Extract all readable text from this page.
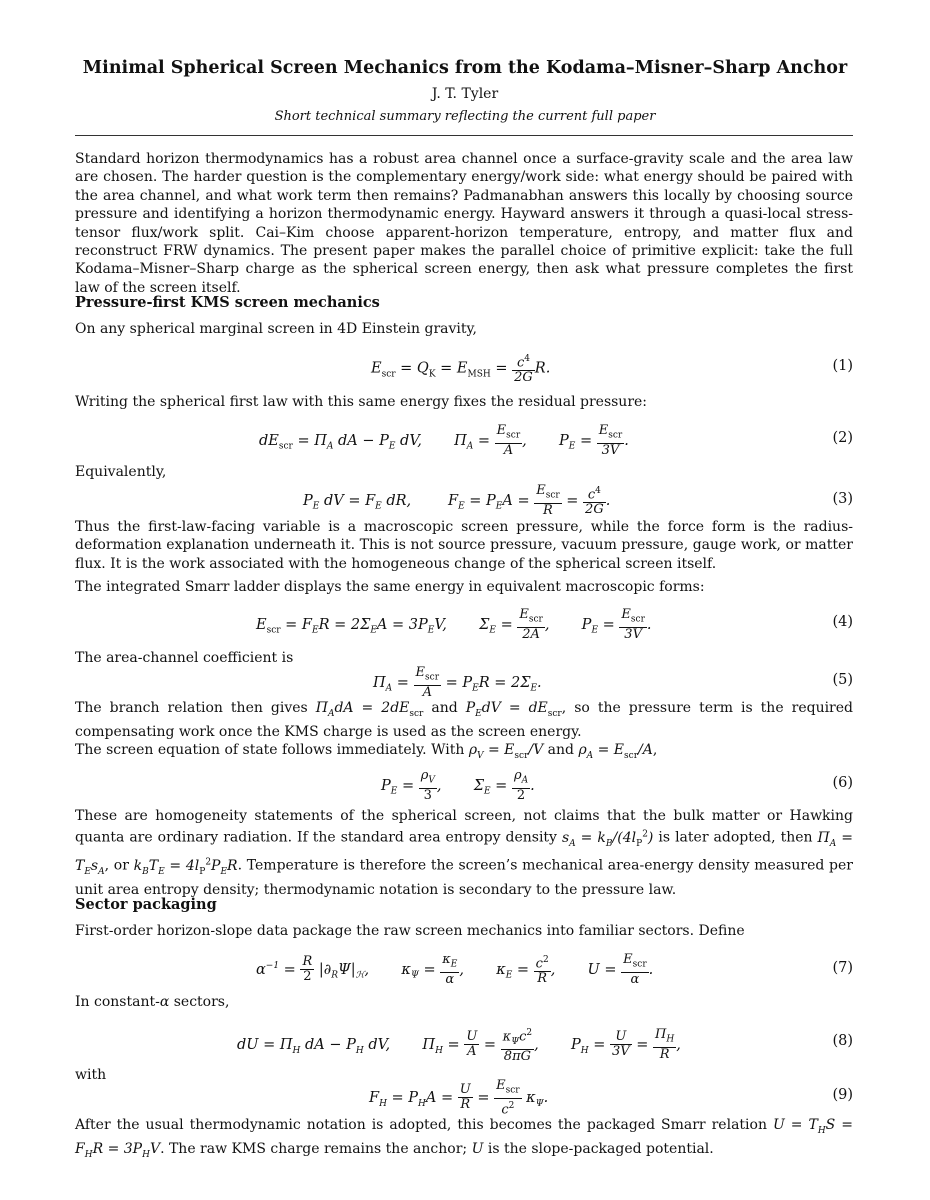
Minimal Spherical Screen Mechanics from the Kodama–Misner–Sharp Anchor
J. T. Tyler
Short technical summary reflecting the current full paper
Standard horizon thermodynamics has a robust area channel once a surface-gravity scale and the area law are chosen. The harder question is the complementary energy/work side: what energy should be paired with the area channel, and what work term then remains? Padmanabhan answers this locally by choosing source pressure and identifying a horizon thermodynamic energy. Hayward answers it through a quasi-local stress-tensor flux/work split. Cai–Kim choose apparent-horizon temperature, entropy, and matter flux and reconstruct FRW dynamics. The present paper makes the parallel choice of primitive explicit: take the full Kodama–Misner–Sharp charge as the spherical screen energy, then ask what pressure completes the first law of the screen itself.
Pressure-first KMS screen mechanics
On any spherical marginal screen in 4D Einstein gravity,
$E_{scr} = Q_K = E_{MSH} = \frac{c^4}{2G} R$.	(1)
Writing the spherical first law with this same energy fixes the residual pressure:
$dE_{scr} = \Pi_A$ dA − $P_E$ dV,       $\Pi_A = \frac{E_{scr}}{A}$ ,       $P_E = \frac{E_{scr}}{3V}$ .	(2)
Equivalently,
$P_E$ dV = $F_E$ dR,        $F_E = P_EA = \frac{E_{scr}}{R} = \frac{c^4}{2G}$ .	(3)
Thus the first-law-facing variable is a macroscopic screen pressure, while the force form is the radius-deformation explanation underneath it. This is not source pressure, vacuum pressure, gauge work, or matter flux. It is the work associated with the homogeneous change of the spherical screen itself.
The integrated Smarr ladder displays the same energy in equivalent macroscopic forms:
$E_{scr} = F_ER = 2\Sigma_EA = 3P_EV$,       $\Sigma_E = \frac{E_{scr}}{2A}$ ,       $P_E = \frac{E_{scr}}{3V}$ .	(4)
The area-channel coefficient is
$\Pi_A = \frac{E_{scr}}{A} = P_ER = 2\Sigma_E$.	(5)
The branch relation then gives $\Pi_AdA = 2dE_{scr}$ and $P_EdV = dE_{scr}$, so the pressure term is the required compensating work once the KMS charge is used as the screen energy.
The screen equation of state follows immediately. With $\rho_V = E_{scr}/V$ and $\rho_A = E_{scr}/A$,
$P_E = \frac{\rho_V}{3}$ ,       $\Sigma_E = \frac{\rho_A}{2}$ .	(6)
These are homogeneity statements of the spherical screen, not claims that the bulk matter or Hawking quanta are ordinary radiation. If the standard area entropy density $s_A = k_B/(4l_P^2)$ is later adopted, then $\Pi_A = T_Es_A$, or $k_BT_E = 4l_P^2P_ER$. Temperature is therefore the screen’s mechanical area-energy density measured per unit area entropy density; thermodynamic notation is secondary to the pressure law.
Sector packaging
First-order horizon-slope data package the raw screen mechanics into familiar sectors. Define
$\alpha^{-1} = \frac{R}{2} |\partial_R\Psi|_ℋ$,       $\kappa_\Psi = \frac{\kappa_E}{\alpha}$ ,       $\kappa_E = \frac{c^2}{R}$ ,       $U = \frac{E_{scr}}{\alpha}$ .	(7)
In constant-α sectors,
dU = $\Pi_H$ dA − $P_H$ dV,       $\Pi_H = \frac{U}{A} = \frac{\kappa_\Psi c^2}{8\pi G}$ ,       $P_H = \frac{U}{3V} = \frac{\Pi_H}{R}$ ,	(8)
with
$F_H = P_HA = \frac{U}{R} = \frac{E_{scr}}{c^2} \kappa_\Psi$.	(9)
After the usual thermodynamic notation is adopted, this becomes the packaged Smarr relation $U = T_HS = F_HR = 3P_HV$. The raw KMS charge remains the anchor; U is the slope-packaged potential.
